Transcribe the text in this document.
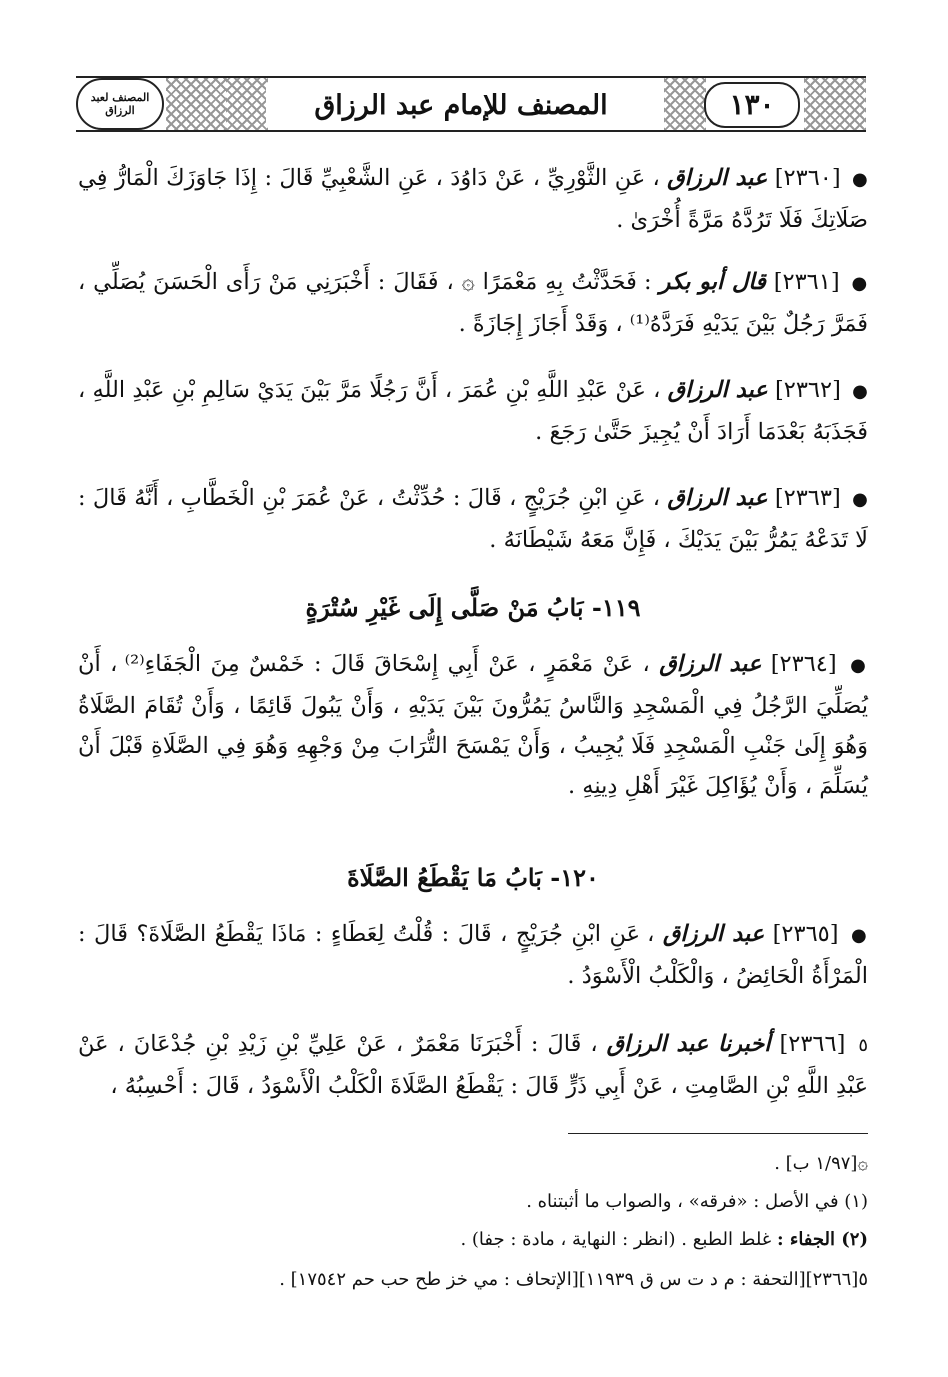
١٣٠
المصنف للإمام عبد الرزاق
المصنف لعبد الرزاق
● [٢٣٦٠] عبد الرزاق ، عَنِ الثَّوْرِيِّ ، عَنْ دَاوُدَ ، عَنِ الشَّعْبِيِّ قَالَ : إِذَا جَاوَزَكَ الْمَارُّ فِي صَلَاتِكَ فَلَا تَرُدَّهُ مَرَّةً أُخْرَىٰ .
● [٢٣٦١] قال أبو بكر : فَحَدَّثْتُ بِهِ مَعْمَرًا ۞ ، فَقَالَ : أَخْبَرَنِي مَنْ رَأَى الْحَسَنَ يُصَلِّي ، فَمَرَّ رَجُلٌ بَيْنَ يَدَيْهِ فَرَدَّهُ⁽¹⁾ ، وَقَدْ أَجَازَ إِجَازَةً .
● [٢٣٦٢] عبد الرزاق ، عَنْ عَبْدِ اللَّهِ بْنِ عُمَرَ ، أَنَّ رَجُلًا مَرَّ بَيْنَ يَدَيْ سَالِمِ بْنِ عَبْدِ اللَّهِ ، فَجَذَبَهُ بَعْدَمَا أَرَادَ أَنْ يُجِيزَ حَتَّىٰ رَجَعَ .
● [٢٣٦٣] عبد الرزاق ، عَنِ ابْنِ جُرَيْجٍ ، قَالَ : حُدِّثْتُ ، عَنْ عُمَرَ بْنِ الْخَطَّابِ ، أَنَّهُ قَالَ : لَا تَدَعْهُ يَمُرُّ بَيْنَ يَدَيْكَ ، فَإِنَّ مَعَهُ شَيْطَانَهُ .
١١٩- بَابُ مَنْ صَلَّى إِلَى غَيْرِ سُتْرَةٍ
● [٢٣٦٤] عبد الرزاق ، عَنْ مَعْمَرٍ ، عَنْ أَبِي إِسْحَاقَ قَالَ : خَمْسٌ مِنَ الْجَفَاءِ⁽²⁾ ، أَنْ يُصَلِّيَ الرَّجُلُ فِي الْمَسْجِدِ وَالنَّاسُ يَمُرُّونَ بَيْنَ يَدَيْهِ ، وَأَنْ يَبُولَ قَائِمًا ، وَأَنْ تُقَامَ الصَّلَاةُ وَهُوَ إِلَىٰ جَنْبِ الْمَسْجِدِ فَلَا يُجِيبُ ، وَأَنْ يَمْسَحَ التُّرَابَ مِنْ وَجْهِهِ وَهُوَ فِي الصَّلَاةِ قَبْلَ أَنْ يُسَلِّمَ ، وَأَنْ يُؤَاكِلَ غَيْرَ أَهْلِ دِينِهِ .
١٢٠- بَابُ مَا يَقْطَعُ الصَّلَاةَ
● [٢٣٦٥] عبد الرزاق ، عَنِ ابْنِ جُرَيْجٍ ، قَالَ : قُلْتُ لِعَطَاءٍ : مَاذَا يَقْطَعُ الصَّلَاةَ؟ قَالَ : الْمَرْأَةُ الْحَائِضُ ، وَالْكَلْبُ الْأَسْوَدُ .
٥ [٢٣٦٦] أخبرنا عبد الرزاق ، قَالَ : أَخْبَرَنَا مَعْمَرٌ ، عَنْ عَلِيِّ بْنِ زَيْدِ بْنِ جُدْعَانَ ، عَنْ عَبْدِ اللَّهِ بْنِ الصَّامِتِ ، عَنْ أَبِي ذَرٍّ قَالَ : يَقْطَعُ الصَّلَاةَ الْكَلْبُ الْأَسْوَدُ ، قَالَ : أَحْسِبُهُ ،
۞[١/٩٧ ب] .
(١) في الأصل : «فرقه» ، والصواب ما أثبتناه .
(٢) الجفاء : غلط الطبع . (انظر : النهاية ، مادة : جفا) .
٥[٢٣٦٦][التحفة : م د ت س ق ١١٩٣٩][الإتحاف : مي خز طح حب حم ١٧٥٤٢] .
